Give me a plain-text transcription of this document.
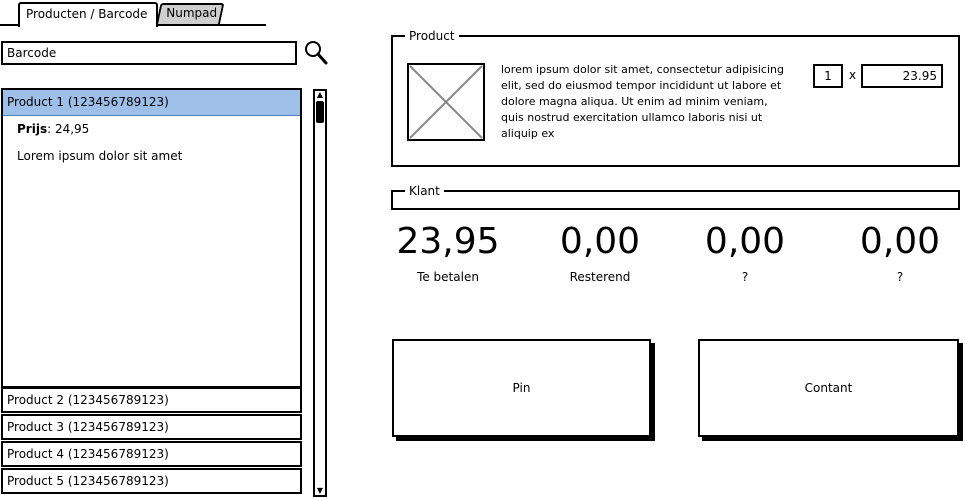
Producten / Barcode	Numpad
Barcode
Product 1 (123456789123)
Prijs: 24,95
Lorem ipsum dolor sit amet
Product 2 (123456789123)
Product 3 (123456789123)
Product 4 (123456789123)
Product 5 (123456789123)
▲
▼
Product
lorem ipsum dolor sit amet, consectetur adipisicing elit, sed do eiusmod tempor incididunt ut labore et dolore magna aliqua. Ut enim ad minim veniam, quis nostrud exercitation ullamco laboris nisi ut aliquip ex
1	x	23.95
Klant
23,95
Te betalen
0,00
Resterend
0,00
?
0,00
?
Pin	Contant
